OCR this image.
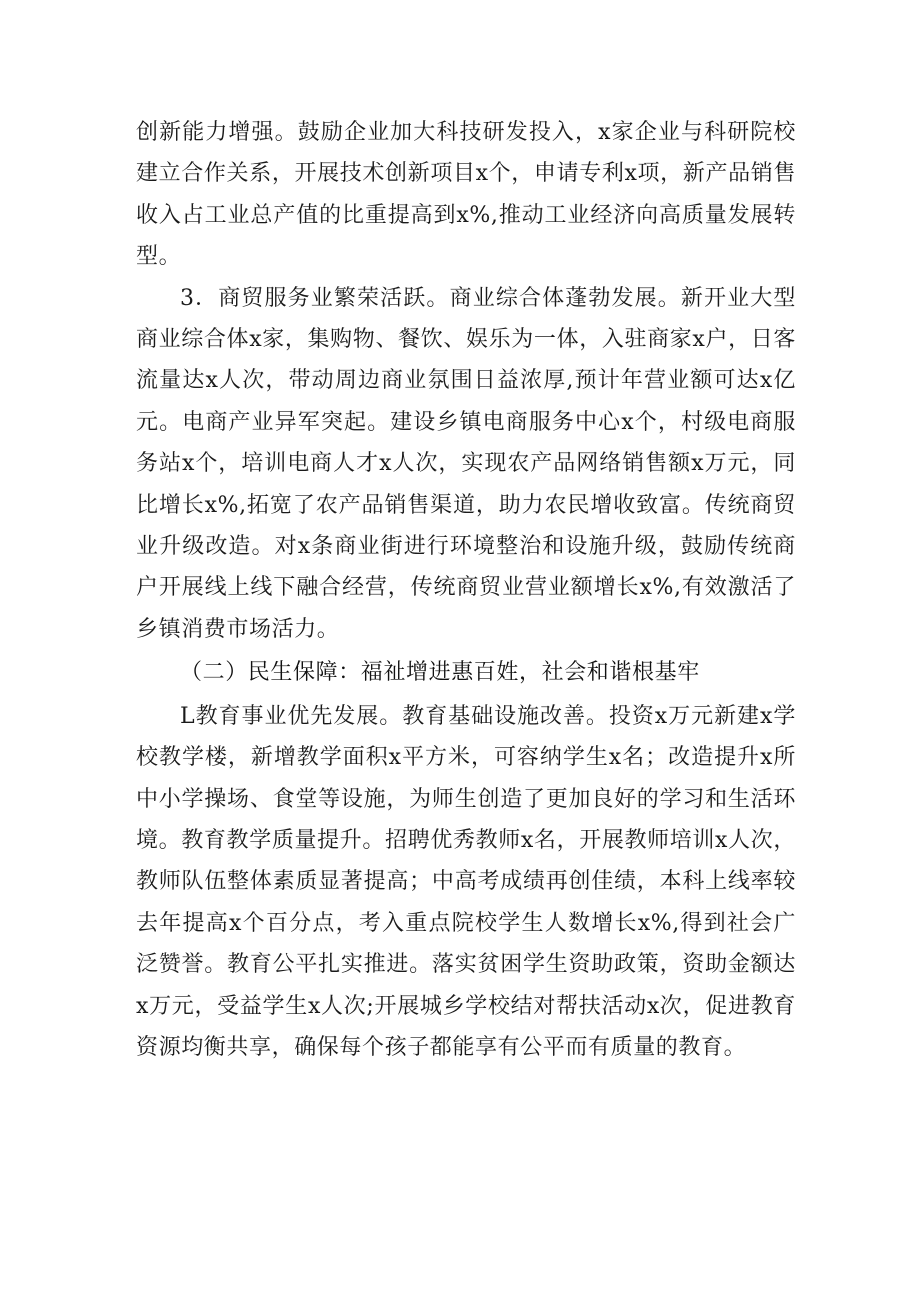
创新能力增强。鼓励企业加大科技研发投入，x家企业与科研院校建立合作关系，开展技术创新项目x个，申请专利x项，新产品销售收入占工业总产值的比重提高到x%,推动工业经济向高质量发展转型。

3．商贸服务业繁荣活跃。商业综合体蓬勃发展。新开业大型商业综合体x家，集购物、餐饮、娱乐为一体，入驻商家x户，日客流量达x人次，带动周边商业氛围日益浓厚,预计年营业额可达x亿元。电商产业异军突起。建设乡镇电商服务中心x个，村级电商服务站x个，培训电商人才x人次，实现农产品网络销售额x万元，同比增长x%,拓宽了农产品销售渠道，助力农民增收致富。传统商贸业升级改造。对x条商业街进行环境整治和设施升级，鼓励传统商户开展线上线下融合经营，传统商贸业营业额增长x%,有效激活了乡镇消费市场活力。

（二）民生保障：福祉增进惠百姓，社会和谐根基牢

L教育事业优先发展。教育基础设施改善。投资x万元新建x学校教学楼，新增教学面积x平方米，可容纳学生x名；改造提升x所中小学操场、食堂等设施，为师生创造了更加良好的学习和生活环境。教育教学质量提升。招聘优秀教师x名，开展教师培训x人次，教师队伍整体素质显著提高；中高考成绩再创佳绩，本科上线率较去年提高x个百分点，考入重点院校学生人数增长x%,得到社会广泛赞誉。教育公平扎实推进。落实贫困学生资助政策，资助金额达x万元，受益学生x人次;开展城乡学校结对帮扶活动x次，促进教育资源均衡共享，确保每个孩子都能享有公平而有质量的教育。
